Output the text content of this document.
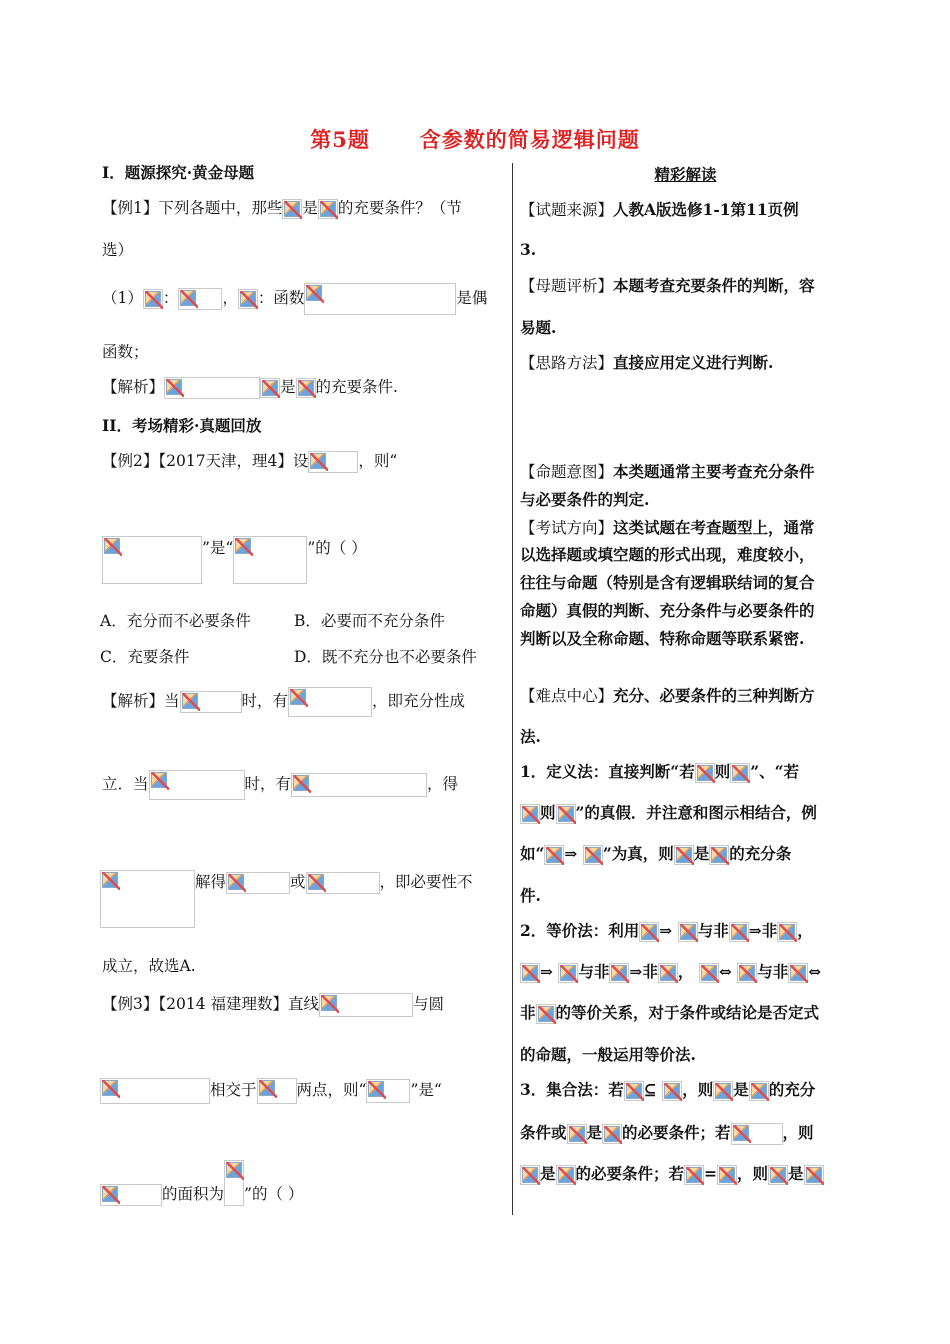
第5题      含参数的简易逻辑问题
I．题源探究·黄金母题
【例1】下列各题中，那些 是 的充要条件？（节
选）
（1） ：	， ：函数	是偶
函数；
【解析】	是 的充要条件.
II．考场精彩·真题回放
【例2】【2017天津，理4】设	，则“
”是“	”的（ ）
A．充分而不必要条件	B．必要而不充分条件
C．充要条件	D．既不充分也不必要条件
【解析】当	时，有	，即充分性成
立．当	时，有	，得
解得	或	，即必要性不
成立，故选A.
【例3】【2014 福建理数】直线	与圆
相交于	两点，则“	”是“
的面积为 ”的（ ）
精彩解读
【试题来源】人教A版选修1-1第11页例
3.
【母题评析】本题考查充要条件的判断，容
易题.
【思路方法】直接应用定义进行判断.
【命题意图】本类题通常主要考查充分条件
与必要条件的判定.
【考试方向】这类试题在考查题型上，通常
以选择题或填空题的形式出现，难度较小，
往往与命题（特别是含有逻辑联结词的复合
命题）真假的判断、充分条件与必要条件的
判断以及全称命题、特称命题等联系紧密.
【难点中心】充分、必要条件的三种判断方
法.
1．定义法：直接判断“若 则 ”、“若
则 ”的真假．并注意和图示相结合，例
如“ ⇒ ”为真，则 是 的充分条
件.
2．等价法：利用 ⇒ 与非 ⇒非 ，
⇒ 与非 ⇒非 ， ⇔ 与非 ⇔
非 的等价关系，对于条件或结论是否定式
的命题，一般运用等价法.
3．集合法：若 ⊆ ，则 是 的充分
条件或 是 的必要条件；若	，则
是 的必要条件；若 = ，则 是
